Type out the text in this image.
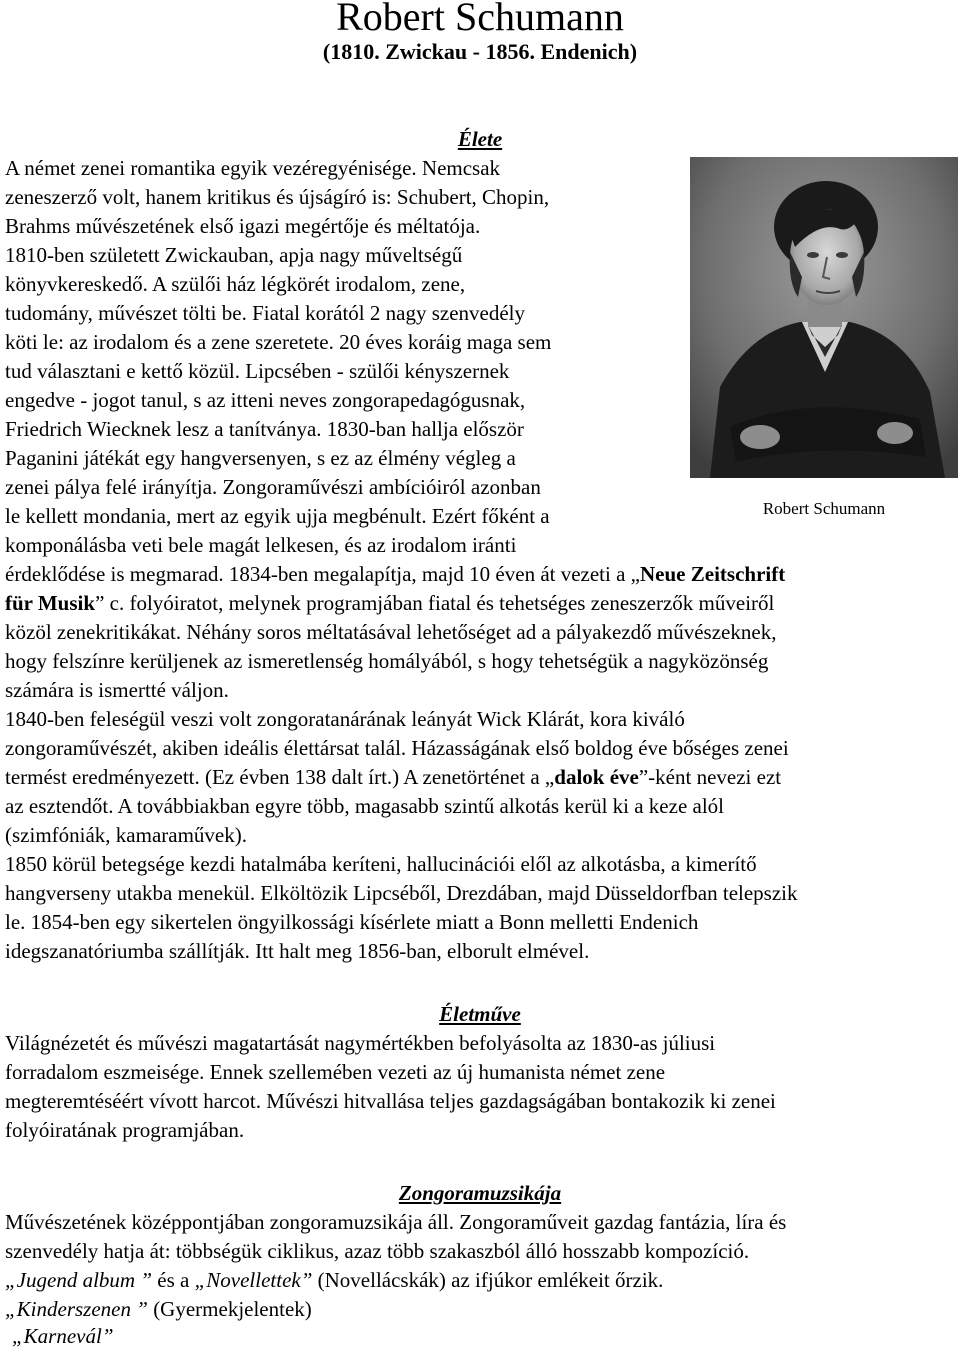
Robert Schumann
(1810. Zwickau - 1856. Endenich)
Élete
A német zenei romantika egyik vezéregyénisége. Nemcsak
zeneszerző volt, hanem kritikus és újságíró is: Schubert, Chopin,
Brahms művészetének első igazi megértője és méltatója.
1810-ben született Zwickauban, apja nagy műveltségű
könyvkereskedő. A szülői ház légkörét irodalom, zene,
tudomány, művészet tölti be. Fiatal korától 2 nagy szenvedély
köti le: az irodalom és a zene szeretete. 20 éves koráig maga sem
tud választani e kettő közül. Lipcsében - szülői kényszernek
engedve - jogot tanul, s az itteni neves zongorapedagógusnak,
Friedrich Wiecknek lesz a tanítványa. 1830-ban hallja először
Paganini játékát egy hangversenyen, s ez az élmény végleg a
zenei pálya felé irányítja. Zongoraművészi ambícióiról azonban
le kellett mondania, mert az egyik ujja megbénult. Ezért főként a
komponálásba veti bele magát lelkesen, és az irodalom iránti
érdeklődése is megmarad. 1834-ben megalapítja, majd 10 éven át vezeti a „Neue Zeitschrift
für Musik” c. folyóiratot, melynek programjában fiatal és tehetséges zeneszerzők műveiről
közöl zenekritikákat. Néhány soros méltatásával lehetőséget ad a pályakezdő művészeknek,
hogy felszínre kerüljenek az ismeretlenség homályából, s hogy tehetségük a nagyközönség
számára is ismertté váljon.
1840-ben feleségül veszi volt zongoratanárának leányát Wick Klárát, kora kiváló
zongoraművészét, akiben ideális élettársat talál. Házasságának első boldog éve bőséges zenei
termést eredményezett. (Ez évben 138 dalt írt.) A zenetörténet a „dalok éve”-ként nevezi ezt
az esztendőt. A továbbiakban egyre több, magasabb szintű alkotás kerül ki a keze alól
(szimfóniák, kamaraművek).
1850 körül betegsége kezdi hatalmába keríteni, hallucinációi elől az alkotásba, a kimerítő
hangverseny utakba menekül. Elköltözik Lipcséből, Drezdában, majd Düsseldorfban telepszik
le. 1854-ben egy sikertelen öngyilkossági kísérlete miatt a Bonn melletti Endenich
idegszanatóriumba szállítják. Itt halt meg 1856-ban, elborult elmével.
Életműve
Világnézetét és művészi magatartását nagymértékben befolyásolta az 1830-as júliusi
forradalom eszmeisége. Ennek szellemében vezeti az új humanista német zene
megteremtéséért vívott harcot. Művészi hitvallása teljes gazdagságában bontakozik ki zenei
folyóiratának programjában.
Zongoramuzsikája
Művészetének középpontjában zongoramuzsikája áll. Zongoraműveit gazdag fantázia, líra és
szenvedély hatja át: többségük ciklikus, azaz több szakaszból álló hosszabb kompozíció.
„Jugend album ” és a „Novellettek” (Novellácskák) az ifjúkor emlékeit őrzik.
„Kinderszenen ” (Gyermekjelentek)
„Karnevál”
Robert Schumann
